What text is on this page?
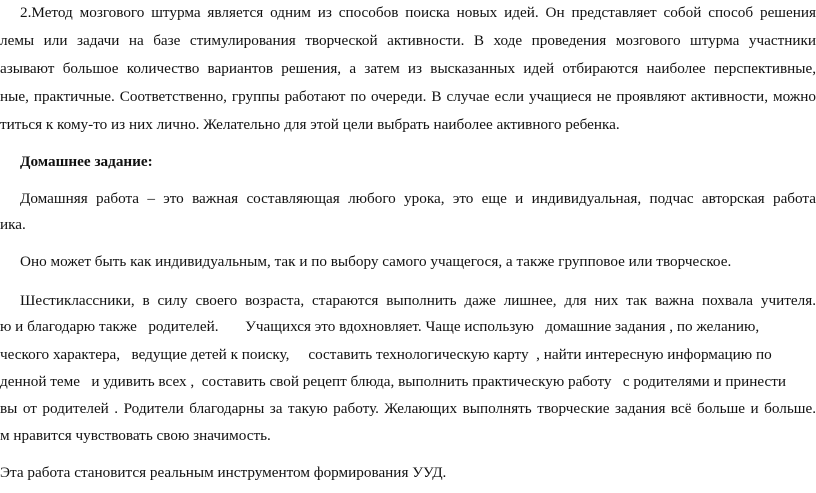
2.Метод мозгового штурма является одним из способов поиска новых идей. Он представляет собой способ решения
лемы или задачи на базе стимулирования творческой активности. В ходе проведения мозгового штурма участники
азывают большое количество вариантов решения, а затем из высказанных идей отбираются наиболее перспективные,
ные, практичные. Соответственно, группы работают по очереди. В случае если учащиеся не проявляют активности, можно
титься к кому-то из них лично. Желательно для этой цели выбрать наиболее активного ребенка.
Домашнее задание:
Домашняя работа – это важная составляющая любого урока, это еще и индивидуальная, подчас авторская работа
ика.
Оно может быть как индивидуальным, так и по выбору самого учащегося, а также групповое или творческое.
Шестиклассники, в силу своего возраста, стараются выполнить даже лишнее, для них так важна похвала учителя.
ю и благодарю также   родителей.       Учащихся это вдохновляет. Чаще использую   домашние задания , по желанию,
ческого характера,   ведущие детей к поиску,     составить технологическую карту  , найти интересную информацию по
денной теме   и удивить всех ,  составить свой рецепт блюда, выполнить практическую работу   с родителями и принести
вы от родителей . Родители благодарны за такую работу. Желающих выполнять творческие задания всё больше и больше.
м нравится чувствовать свою значимость.
Эта работа становится реальным инструментом формирования УУД.
